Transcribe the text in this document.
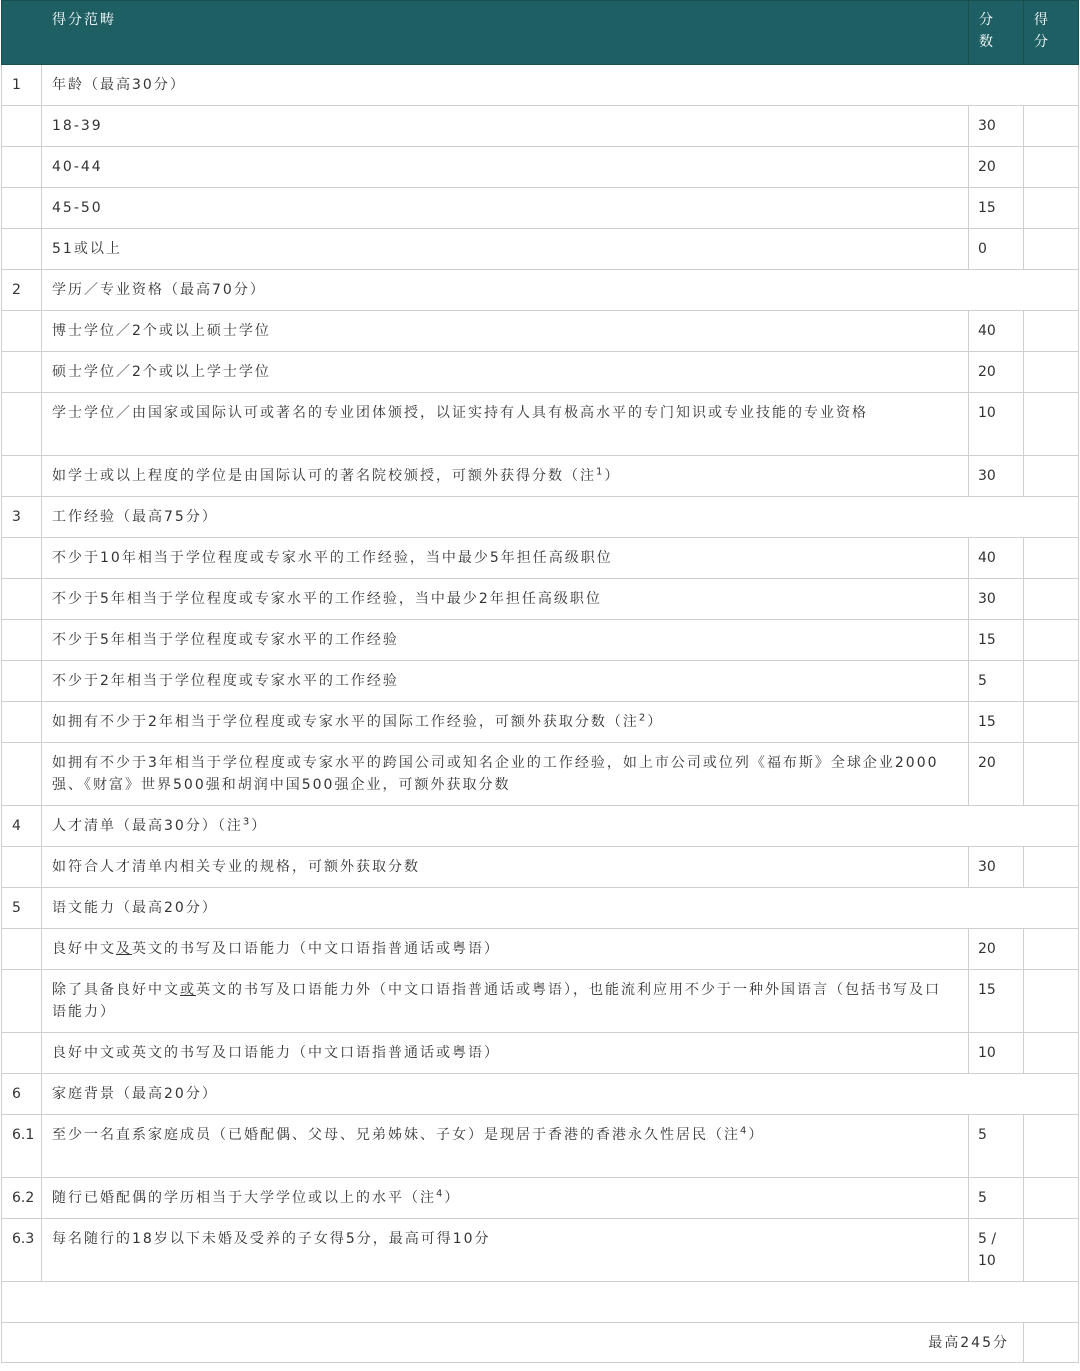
得分范畴		分数	得分

1	年龄（最高30分）		
	18-39	30	
	40-44	20	
	45-50	15	
	51或以上	0	
2	学历／专业资格（最高70分）		
	博士学位／2个或以上硕士学位	40	
	硕士学位／2个或以上学士学位	20	
	学士学位／由国家或国际认可或著名的专业团体颁授，以证实持有人具有极高水平的专门知识或专业技能的专业资格	10	
	如学士或以上程度的学位是由国际认可的著名院校颁授，可额外获得分数（注$^1$）	30	
3	工作经验（最高75分）		
	不少于10年相当于学位程度或专家水平的工作经验，当中最少5年担任高级职位	40	
	不少于5年相当于学位程度或专家水平的工作经验，当中最少2年担任高级职位	30	
	不少于5年相当于学位程度或专家水平的工作经验	15	
	不少于2年相当于学位程度或专家水平的工作经验	5	
	如拥有不少于2年相当于学位程度或专家水平的国际工作经验，可额外获取分数（注$^2$）	15	
	如拥有不少于3年相当于学位程度或专家水平的跨国公司或知名企业的工作经验，如上市公司或位列《福布斯》全球企业2000强、《财富》世界500强和胡润中国500强企业，可额外获取分数	20	
4	人才清单（最高30分）（注$^3$）		
	如符合人才清单内相关专业的规格，可额外获取分数	30	
5	语文能力（最高20分）		
	良好中文及英文的书写及口语能力（中文口语指普通话或粤语）	20	
	除了具备良好中文或英文的书写及口语能力外（中文口语指普通话或粤语），也能流利应用不少于一种外国语言（包括书写及口语能力）	15	
	良好中文或英文的书写及口语能力（中文口语指普通话或粤语）	10	
6	家庭背景（最高20分）		
6.1	至少一名直系家庭成员（已婚配偶、父母、兄弟姊妹、子女）是现居于香港的香港永久性居民（注$^4$）	5	
6.2	随行已婚配偶的学历相当于大学学位或以上的水平（注$^4$）	5	
6.3	每名随行的18岁以下未婚及受养的子女得5分，最高可得10分	5 / 10	

最高245分			
